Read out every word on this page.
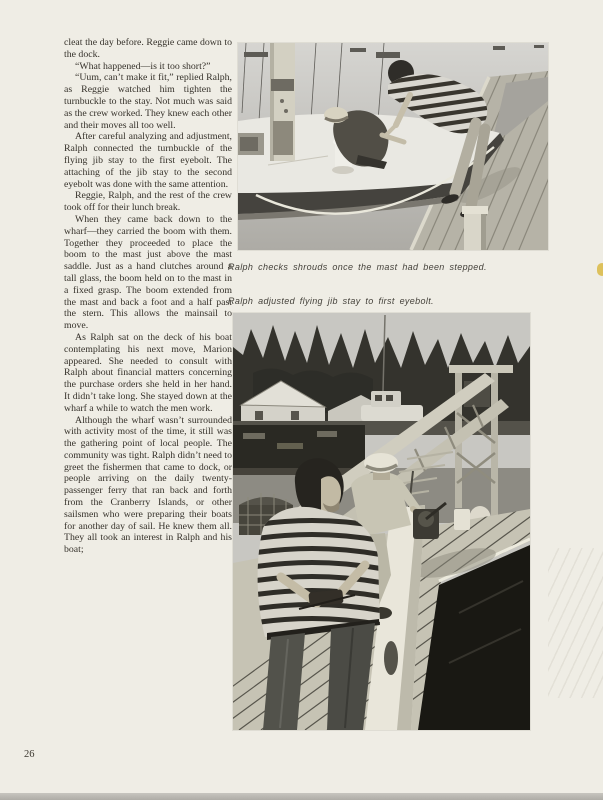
cleat the day before. Reggie came down to the dock.

“What happened—is it too short?”

“Uum, can’t make it fit,” replied Ralph, as Reggie watched him tighten the turnbuckle to the stay. Not much was said as the crew worked. They knew each other and their moves all too well.

After careful analyzing and adjustment, Ralph connected the turnbuckle of the flying jib stay to the first eyebolt. The attaching of the jib stay to the second eyebolt was done with the same attention.

Reggie, Ralph, and the rest of the crew took off for their lunch break.

When they came back down to the wharf—they carried the boom with them. Together they proceeded to place the boom to the mast just above the mast saddle. Just as a hand clutches around a tall glass, the boom held on to the mast in a fixed grasp. The boom extended from the mast and back a foot and a half past the stern. This allows the mainsail to move.

As Ralph sat on the deck of his boat contemplating his next move, Marion appeared. She needed to consult with Ralph about financial matters concerning the purchase orders she held in her hand. It didn’t take long. She stayed down at the wharf a while to watch the men work.

Although the wharf wasn’t surrounded with activity most of the time, it still was the gathering point of local people. The community was tight. Ralph didn’t need to greet the fishermen that came to dock, or people arriving on the daily twenty-passenger ferry that ran back and forth from the Cranberry Islands, or other sailsmen who were preparing their boats for another day of sail. He knew them all. They all took an interest in Ralph and his boat;

Ralph checks shrouds once the mast had been stepped.
Ralph adjusted flying jib stay to first eyebolt.
26
